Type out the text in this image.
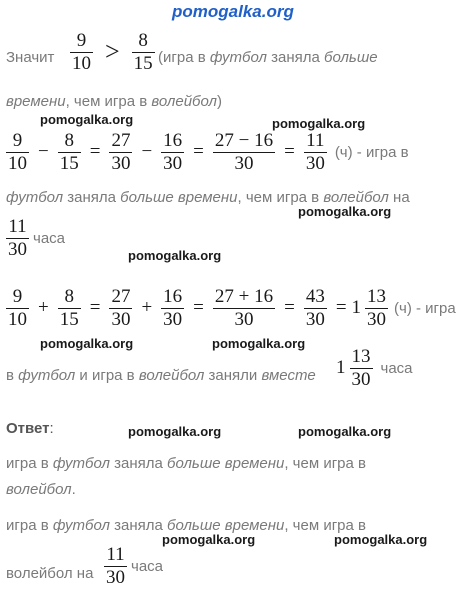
pomogalka.org
Значит $\frac{9}{10} > \frac{8}{15}$ (игра в футбол заняла больше
времени, чем игра в волейбол)
pomogalka.org	pomogalka.org
$\frac{9}{10} - \frac{8}{15} = \frac{27}{30} - \frac{16}{30} = \frac{27 - 16}{30} = \frac{11}{30} (ч)$ - игра в
футбол заняла больше времени, чем игра в волейбол на
pomogalka.org
$\frac{11}{30}$ часа
pomogalka.org
$\frac{9}{10} + \frac{8}{15} = \frac{27}{30} + \frac{16}{30} = \frac{27 + 16}{30} = \frac{43}{30} = 1 \frac{13}{30} (ч)$ - игра
pomogalka.org	pomogalka.org
в футбол и игра в волейбол заняли вместе $1 \frac{13}{30}$ часа
Ответ:	pomogalka.org	pomogalka.org
игра в футбол заняла больше времени, чем игра в
волейбол.
игра в футбол заняла больше времени, чем игра в
pomogalka.org	pomogalka.org
волейбол на $\frac{11}{30}$ часа
